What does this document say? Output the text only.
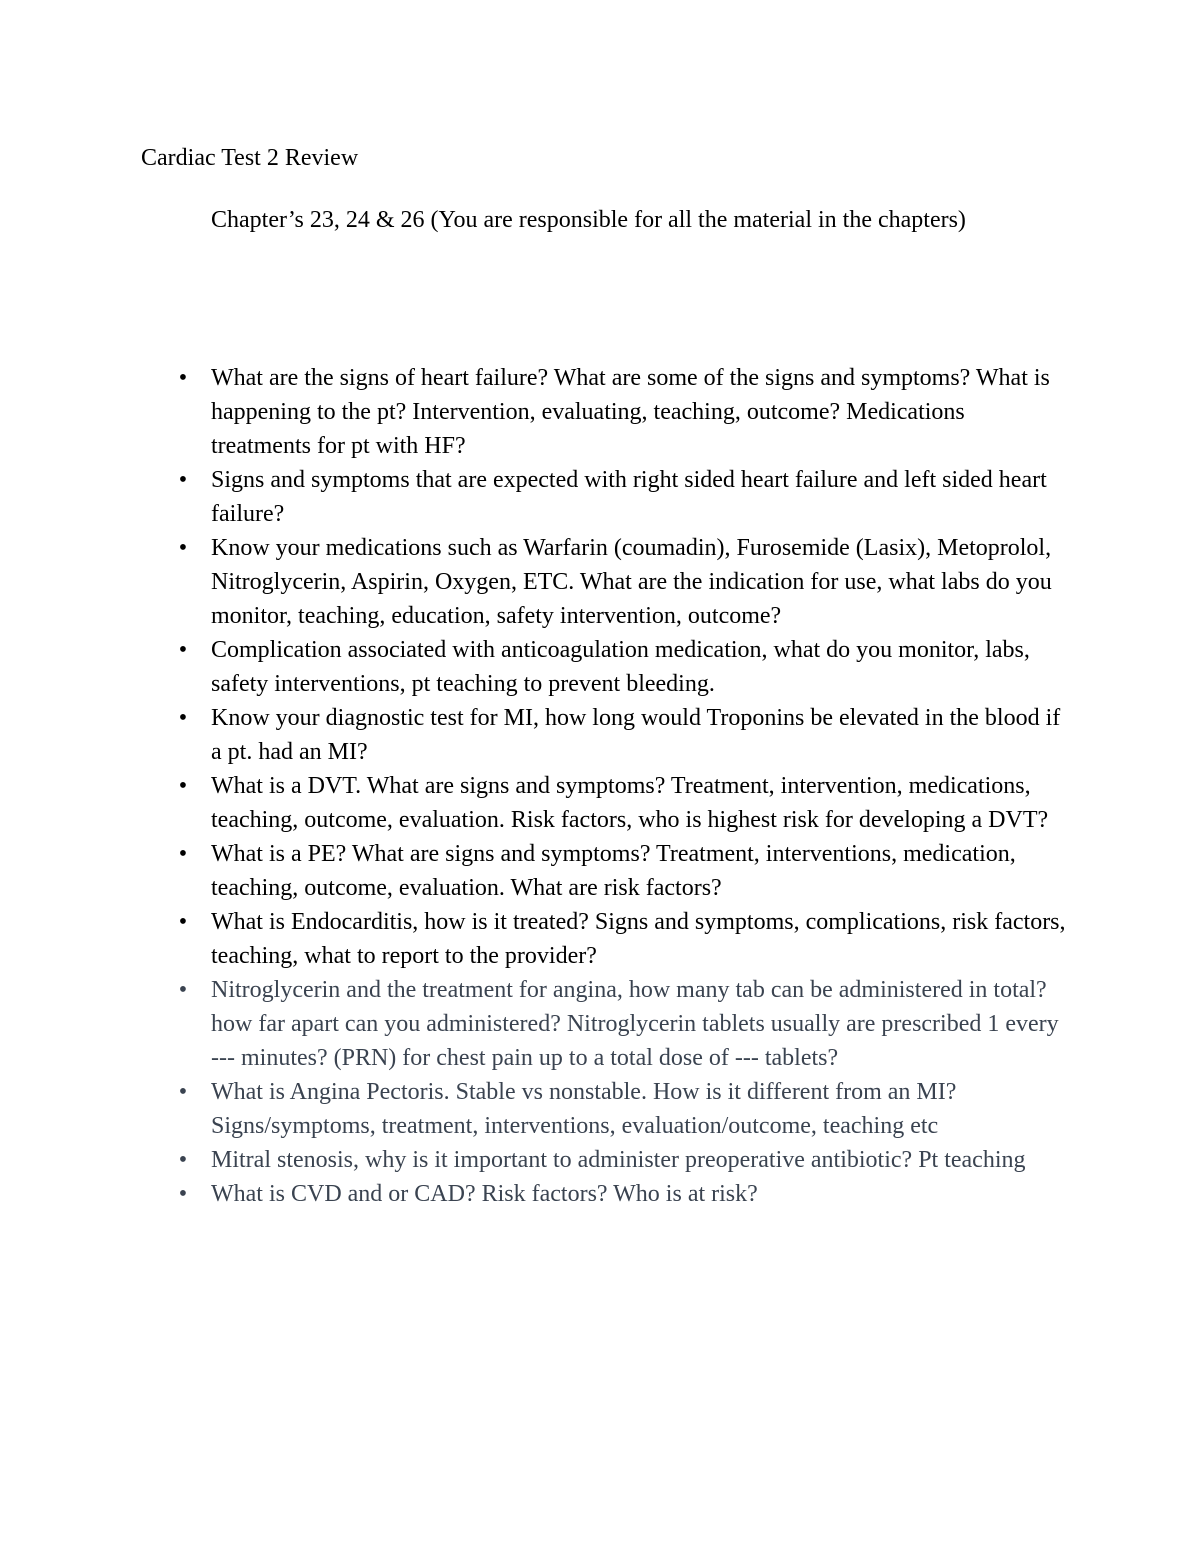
Cardiac Test 2 Review
Chapter’s 23, 24 & 26 (You are responsible for all the material in the chapters)
• What are the signs of heart failure? What are some of the signs and symptoms? What is happening to the pt? Intervention, evaluating, teaching, outcome? Medications treatments for pt with HF?
• Signs and symptoms that are expected with right sided heart failure and left sided heart failure?
• Know your medications such as Warfarin (coumadin), Furosemide (Lasix), Metoprolol, Nitroglycerin, Aspirin, Oxygen, ETC. What are the indication for use, what labs do you monitor, teaching, education, safety intervention, outcome?
• Complication associated with anticoagulation medication, what do you monitor, labs, safety interventions, pt teaching to prevent bleeding.
• Know your diagnostic test for MI, how long would Troponins be elevated in the blood if a pt. had an MI?
• What is a DVT. What are signs and symptoms? Treatment, intervention, medications, teaching, outcome, evaluation. Risk factors, who is highest risk for developing a DVT?
• What is a PE? What are signs and symptoms? Treatment, interventions, medication, teaching, outcome, evaluation. What are risk factors?
• What is Endocarditis, how is it treated? Signs and symptoms, complications, risk factors, teaching, what to report to the provider?
• Nitroglycerin and the treatment for angina, how many tab can be administered in total? how far apart can you administered? Nitroglycerin tablets usually are prescribed 1 every --- minutes? (PRN) for chest pain up to a total dose of --- tablets?
• What is Angina Pectoris. Stable vs nonstable. How is it different from an MI? Signs/symptoms, treatment, interventions, evaluation/outcome, teaching etc
• Mitral stenosis, why is it important to administer preoperative antibiotic? Pt teaching
• What is CVD and or CAD? Risk factors? Who is at risk?
